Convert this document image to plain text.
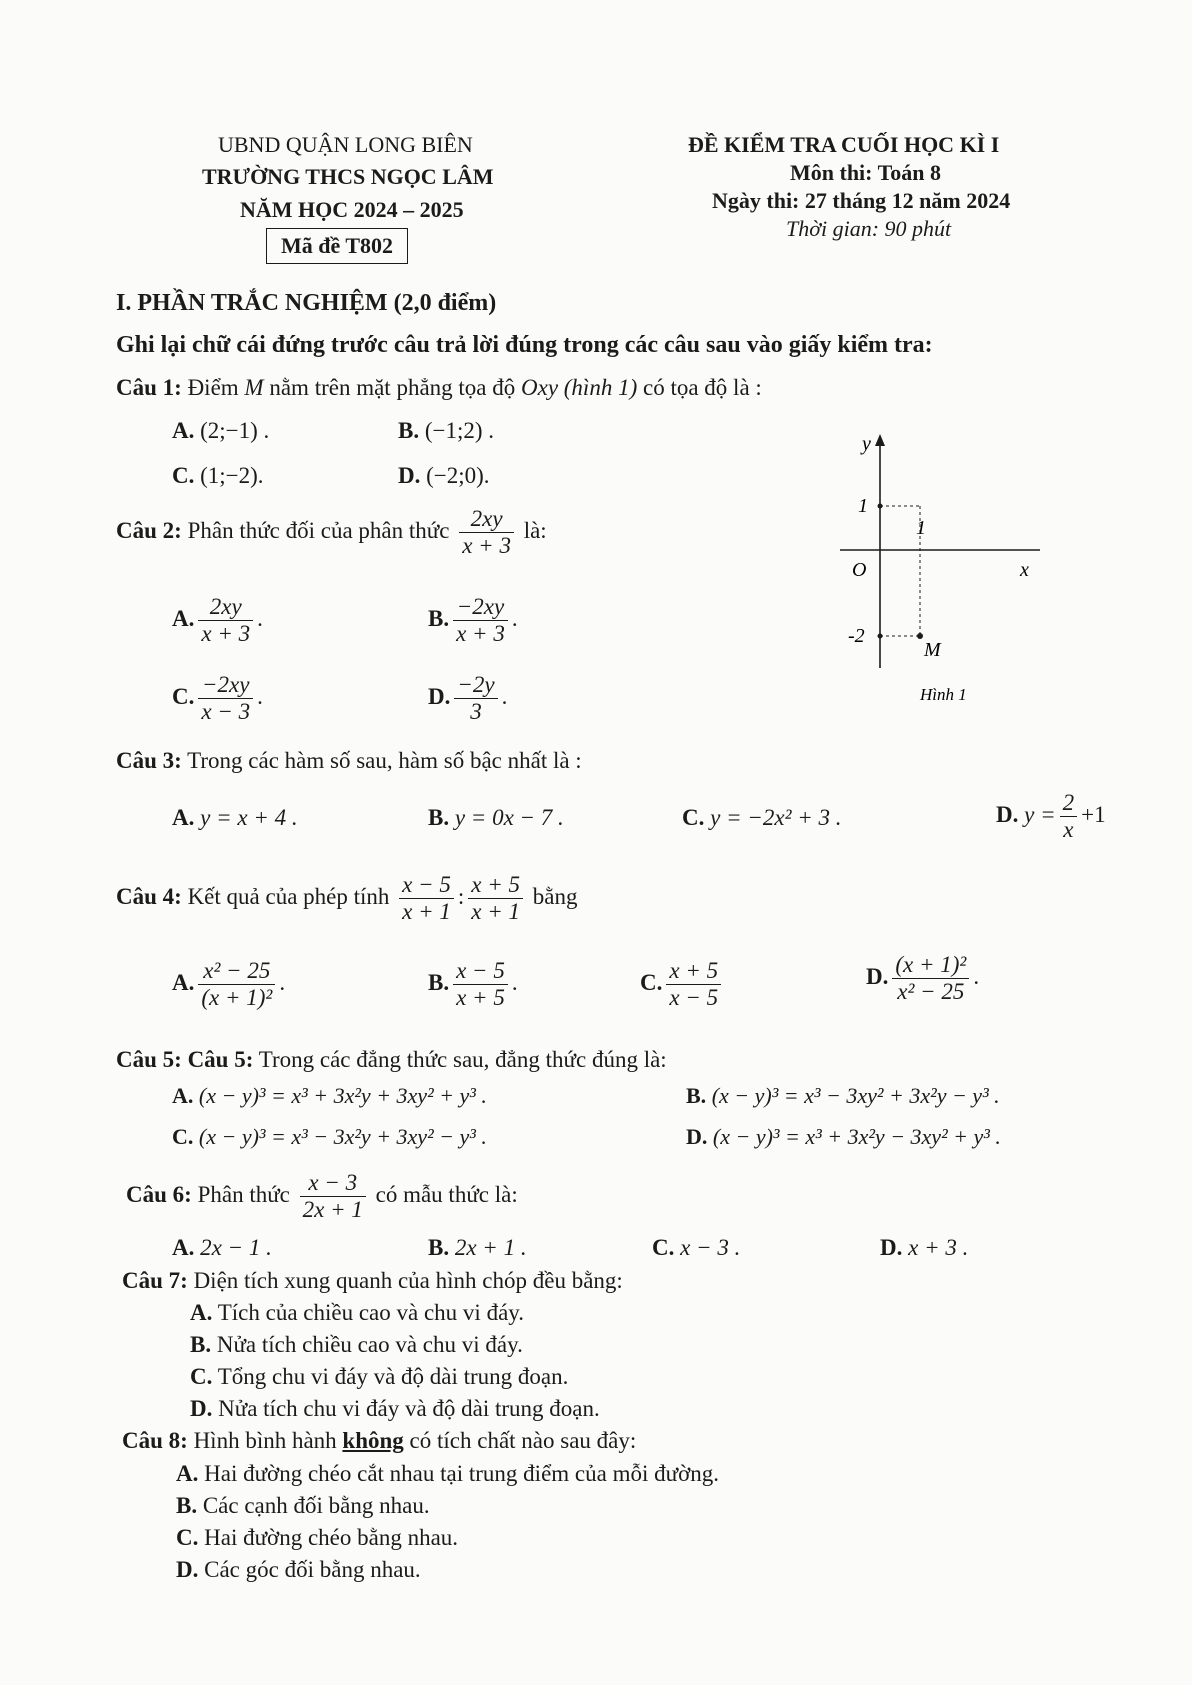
UBND QUẬN LONG BIÊN
TRƯỜNG THCS NGỌC LÂM
NĂM HỌC 2024 – 2025
Mã đề T802
ĐỀ KIỂM TRA CUỐI HỌC KÌ I
Môn thi: Toán 8
Ngày thi: 27 tháng 12 năm 2024
Thời gian: 90 phút
I. PHẦN TRẮC NGHIỆM (2,0 điểm)
Ghi lại chữ cái đứng trước câu trả lời đúng trong các câu sau vào giấy kiểm tra:
Câu 1: Điểm M nằm trên mặt phẳng tọa độ Oxy (hình 1) có tọa độ là :
A. (2;−1) .	B. (−1;2) .
C. (1;−2).	D. (−2;0).
y
x
O
1
1
-2
M
Hình 1
Câu 2: Phân thức đối của phân thức $\frac{2xy}{x + 3}$ là:
A. $\frac{2xy}{x + 3}$ .	B. $\frac{-2xy}{x + 3}$ .
C. $\frac{-2xy}{x - 3}$ .	D. $\frac{-2y}{3}$ .
Câu 3: Trong các hàm số sau, hàm số bậc nhất là :
A. y = x + 4 .	B. y = 0x − 7 .	C. y = −2x² + 3 .	D. $y = \frac{2}{x} +1$
Câu 4: Kết quả của phép tính $\frac{x - 5}{x + 1}$ : $\frac{x + 5}{x + 1}$ bằng
A. $\frac{\text{x² − 25}}{\text{(x + 1)²}}$ .	B. $\frac{x - 5}{x + 5}$ .	C. $\frac{x + 5}{x - 5}$	D. $\frac{\text{(x + 1)²}}{\text{x² − 25}}$ .
Câu 5: Câu 5: Trong các đẳng thức sau, đẳng thức đúng là:
A. (x − y)³ = x³ + 3x²y + 3xy² + y³ .	B. (x − y)³ = x³ − 3xy² + 3x²y − y³ .
C. (x − y)³ = x³ − 3x²y + 3xy² − y³ .	D. (x − y)³ = x³ + 3x²y − 3xy² + y³ .
Câu 6: Phân thức $\frac{x - 3}{2x + 1}$ có mẫu thức là:
A. 2x − 1 .	B. 2x + 1 .	C. x − 3 .	D. x + 3 .
Câu 7: Diện tích xung quanh của hình chóp đều bằng:
A. Tích của chiều cao và chu vi đáy.
B. Nửa tích chiều cao và chu vi đáy.
C. Tổng chu vi đáy và độ dài trung đoạn.
D. Nửa tích chu vi đáy và độ dài trung đoạn.
Câu 8: Hình bình hành không có tích chất nào sau đây:
A. Hai đường chéo cắt nhau tại trung điểm của mỗi đường.
B. Các cạnh đối bằng nhau.
C. Hai đường chéo bằng nhau.
D. Các góc đối bằng nhau.
